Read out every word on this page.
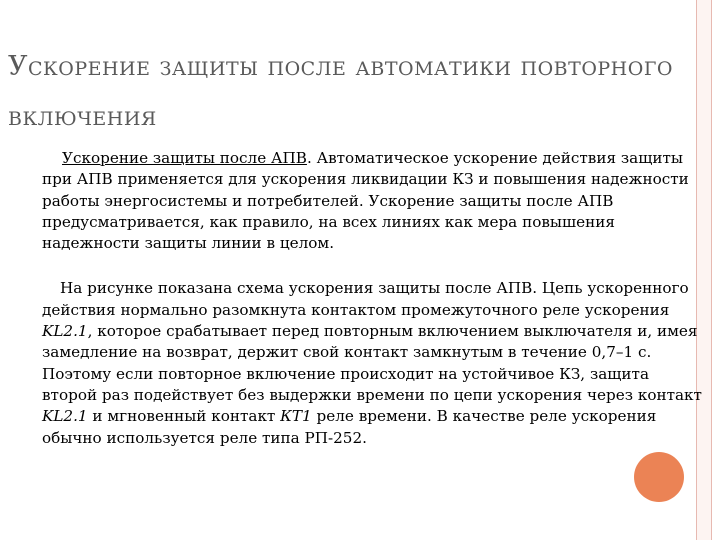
Ускорение защиты после автоматики повторного включения

Ускорение защиты после АПВ. Автоматическое ускорение действия защиты при АПВ применяется для ускорения ликвидации КЗ и повышения надежности работы энергосистемы и потребителей. Ускорение защиты после АПВ предусматривается, как правило, на всех линиях как мера повышения надежности защиты линии в целом.

На рисунке показана схема ускорения защиты после АПВ. Цепь ускоренного действия нормально разомкнута контактом промежуточного реле ускорения KL2.1, которое срабатывает перед повторным включением выключателя и, имея замедление на возврат, держит свой контакт замкнутым в течение 0,7–1 с. Поэтому если повторное включение происходит на устойчивое КЗ, защита второй раз подействует без выдержки времени по цепи ускорения через контакт KL2.1 и мгновенный контакт КТ1 реле времени. В качестве реле ускорения обычно используется реле типа РП-252.
